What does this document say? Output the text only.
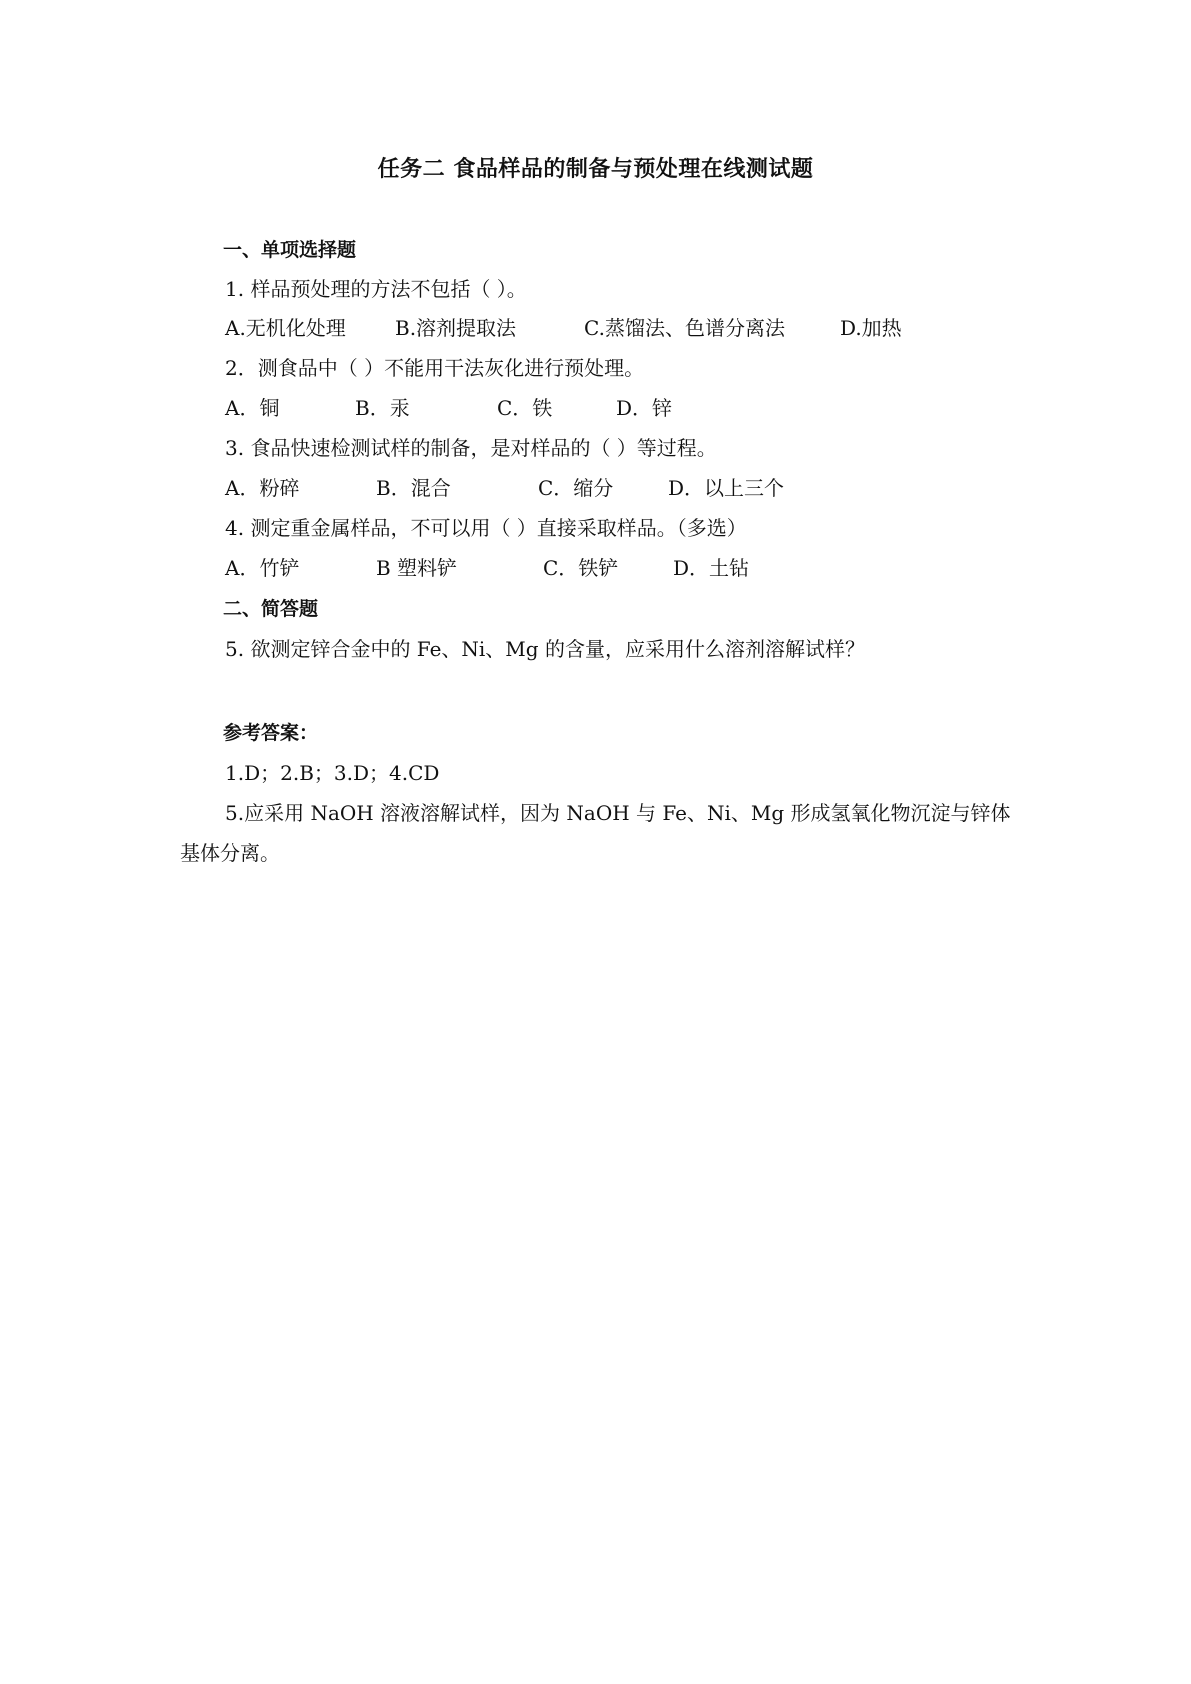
任务二 食品样品的制备与预处理在线测试题
一、单项选择题
1. 样品预处理的方法不包括（ ）。
A.无机化处理 B.溶剂提取法	C.蒸馏法、色谱分离法	D.加热
2．测食品中（ ）不能用干法灰化进行预处理。
A．铜	B．汞	C．铁	D．锌
3. 食品快速检测试样的制备，是对样品的（ ）等过程。
A．粉碎	B．混合	C．缩分	D．以上三个
4. 测定重金属样品，不可以用（ ）直接采取样品。（多选）
A．竹铲	B 塑料铲	C．铁铲	D．土钻
二、简答题
5. 欲测定锌合金中的 Fe、Ni、Mg 的含量，应采用什么溶剂溶解试样？
参考答案：
1.D；2.B；3.D；4.CD
5.应采用 NaOH 溶液溶解试样，因为 NaOH 与 Fe、Ni、Mg 形成氢氧化物沉淀与锌体基体分离。
